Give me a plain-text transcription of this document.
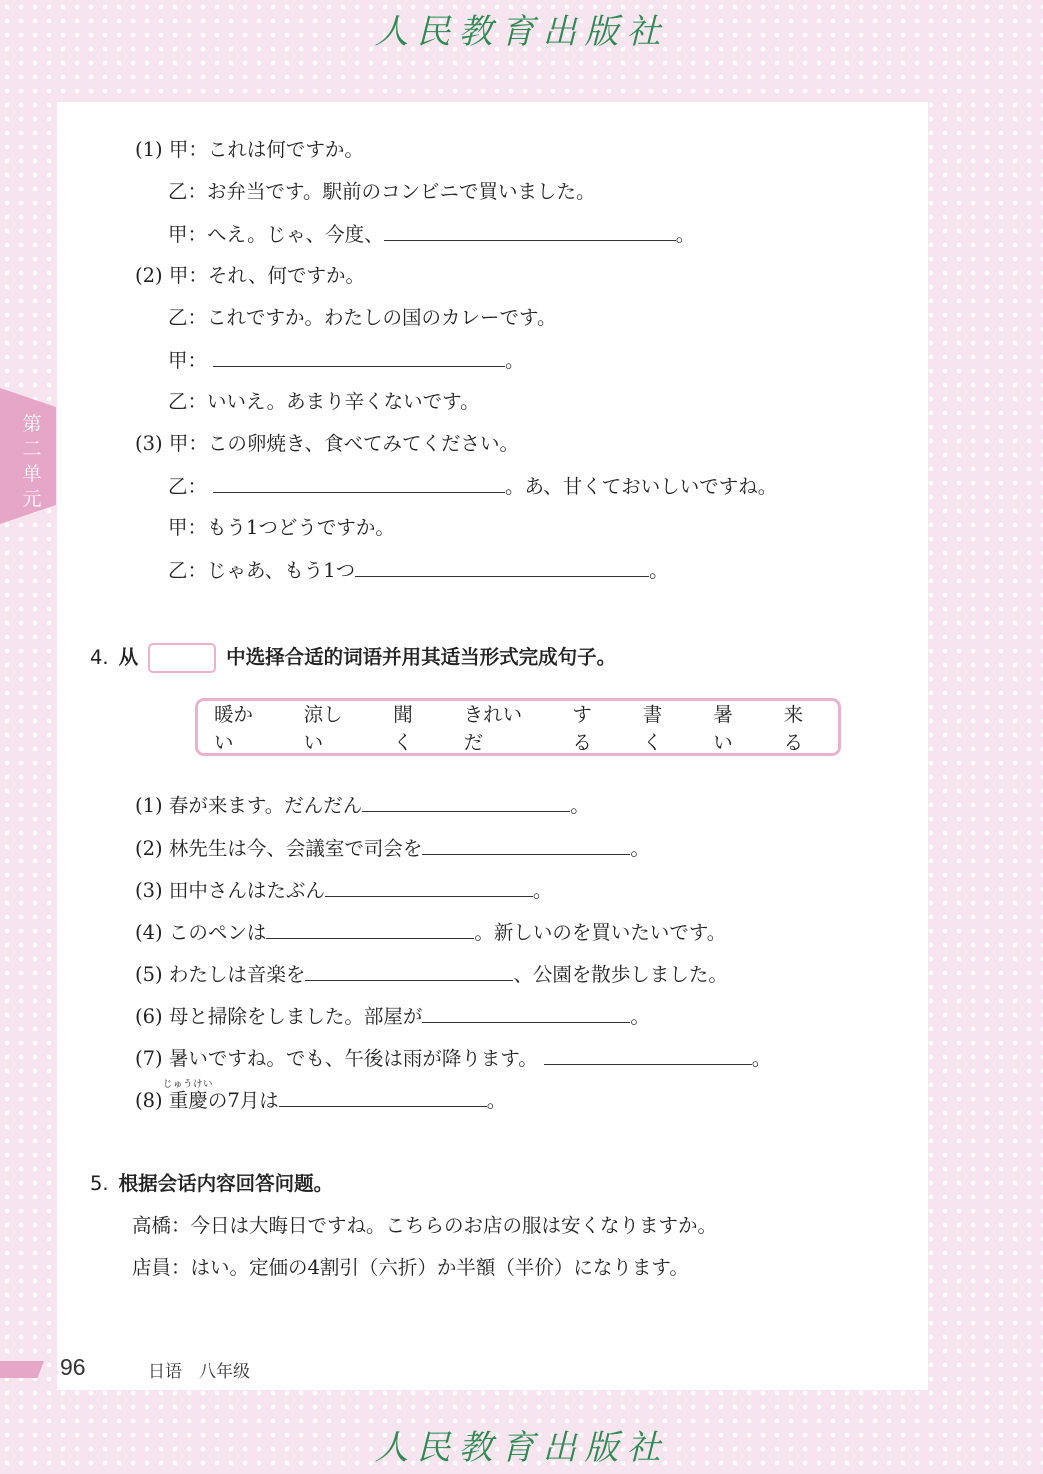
人民教育出版社
第二单元
(1) 甲：これは何ですか。
乙：お弁当です。駅前のコンビニで買いました。
甲：へえ。じゃ、今度、	。
(2) 甲：それ、何ですか。
乙：これですか。わたしの国のカレーです。
甲：	。
乙：いいえ。あまり辛くないです。
(3) 甲：この卵焼き、食べてみてください。
乙：	。あ、甘くておいしいですね。
甲：もう1つどうですか。
乙：じゃあ、もう1つ	。
4. 从	中选择合适的词语并用其适当形式完成句子。
暖かい
涼しい
聞く
きれいだ
する
書く
暑い
来る
(1) 春が来ます。だんだん	。
(2) 林先生は今、会議室で司会を	。
(3) 田中さんはたぶん	。
(4) このペンは	。新しいのを買いたいです。
(5) わたしは音楽を	、公園を散歩しました。
(6) 母と掃除をしました。部屋が	。
(7) 暑いですね。でも、午後は雨が降ります。	。
じゅうけい
(8) 重慶の7月は	。
5. 根据会话内容回答问题。
高橋：今日は大晦日ですね。こちらのお店の服は安くなりますか。
店員：はい。定価の4割引（六折）か半額（半价）になります。
96	日语　八年级
人民教育出版社
